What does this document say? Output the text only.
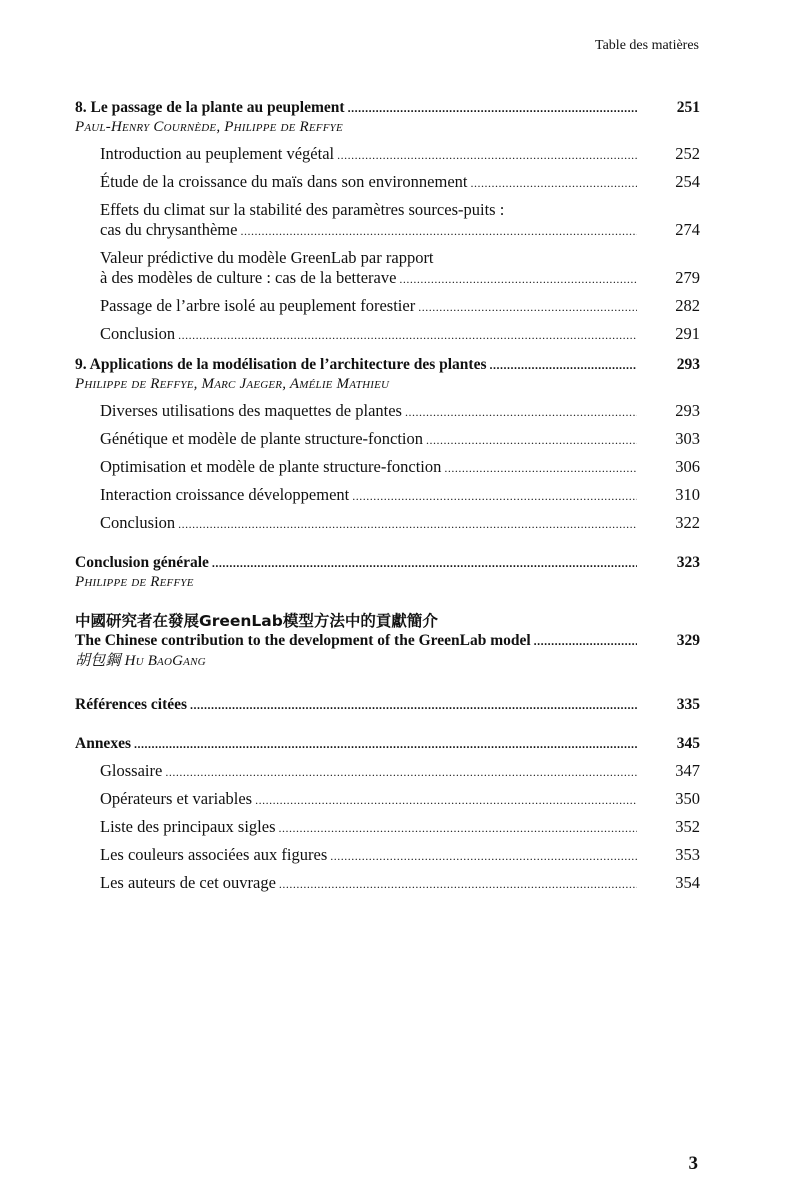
Table des matières
8. Le passage de la plante au peuplement .....	251
Paul-Henry Cournède, Philippe de Reffye
Introduction au peuplement végétal .....	252
Étude de la croissance du maïs dans son environnement .....	254
Effets du climat sur la stabilité des paramètres sources-puits :
cas du chrysanthème .....	274
Valeur prédictive du modèle GreenLab par rapport
à des modèles de culture : cas de la betterave .....	279
Passage de l’arbre isolé au peuplement forestier .....	282
Conclusion .....	291
9. Applications de la modélisation de l’architecture des plantes .....	293
Philippe de Reffye, Marc Jaeger, Amélie Mathieu
Diverses utilisations des maquettes de plantes .....	293
Génétique et modèle de plante structure-fonction .....	303
Optimisation et modèle de plante structure-fonction .....	306
Interaction croissance développement .....	310
Conclusion .....	322
Conclusion générale .....	323
Philippe de Reffye
中國研究者在發展GreenLab模型方法中的貢獻簡介
The Chinese contribution to the development of the GreenLab model .....	329
胡包鋼 Hu BaoGang
Références citées .....	335
Annexes .....	345
Glossaire .....	347
Opérateurs et variables .....	350
Liste des principaux sigles .....	352
Les couleurs associées aux figures .....	353
Les auteurs de cet ouvrage .....	354
3
